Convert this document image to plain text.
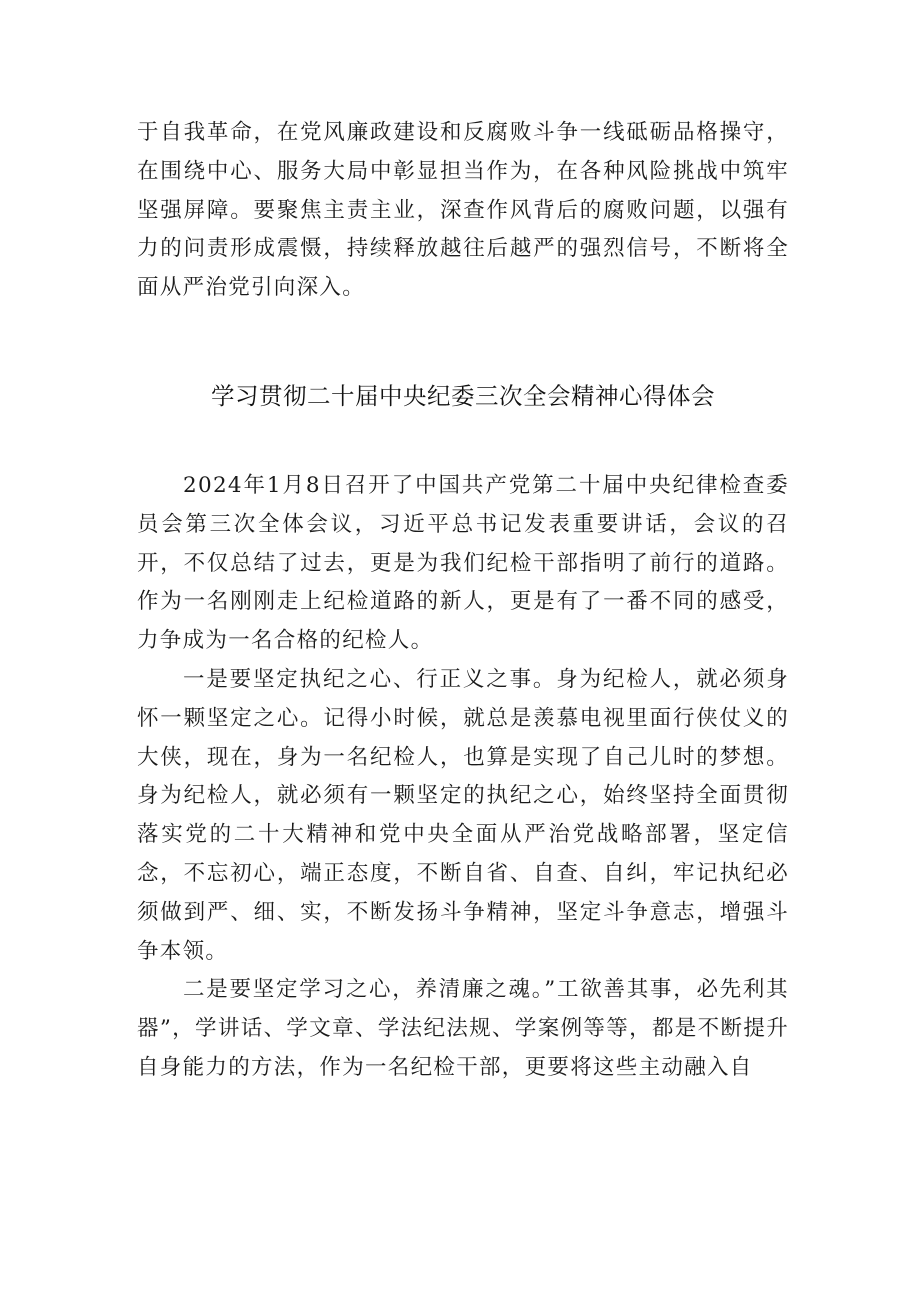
于自我革命，在党风廉政建设和反腐败斗争一线砥砺品格操守，在围绕中心、服务大局中彰显担当作为，在各种风险挑战中筑牢坚强屏障。要聚焦主责主业，深查作风背后的腐败问题，以强有力的问责形成震慑，持续释放越往后越严的强烈信号，不断将全面从严治党引向深入。

学习贯彻二十届中央纪委三次全会精神心得体会

2024年1月8日召开了中国共产党第二十届中央纪律检查委员会第三次全体会议，习近平总书记发表重要讲话，会议的召开，不仅总结了过去，更是为我们纪检干部指明了前行的道路。作为一名刚刚走上纪检道路的新人，更是有了一番不同的感受，力争成为一名合格的纪检人。

一是要坚定执纪之心、行正义之事。身为纪检人，就必须身怀一颗坚定之心。记得小时候，就总是羡慕电视里面行侠仗义的大侠，现在，身为一名纪检人，也算是实现了自己儿时的梦想。身为纪检人，就必须有一颗坚定的执纪之心，始终坚持全面贯彻落实党的二十大精神和党中央全面从严治党战略部署，坚定信念，不忘初心，端正态度，不断自省、自查、自纠，牢记执纪必须做到严、细、实，不断发扬斗争精神，坚定斗争意志，增强斗争本领。

二是要坚定学习之心，养清廉之魂。”工欲善其事，必先利其器”，学讲话、学文章、学法纪法规、学案例等等，都是不断提升自身能力的方法，作为一名纪检干部，更要将这些主动融入自
